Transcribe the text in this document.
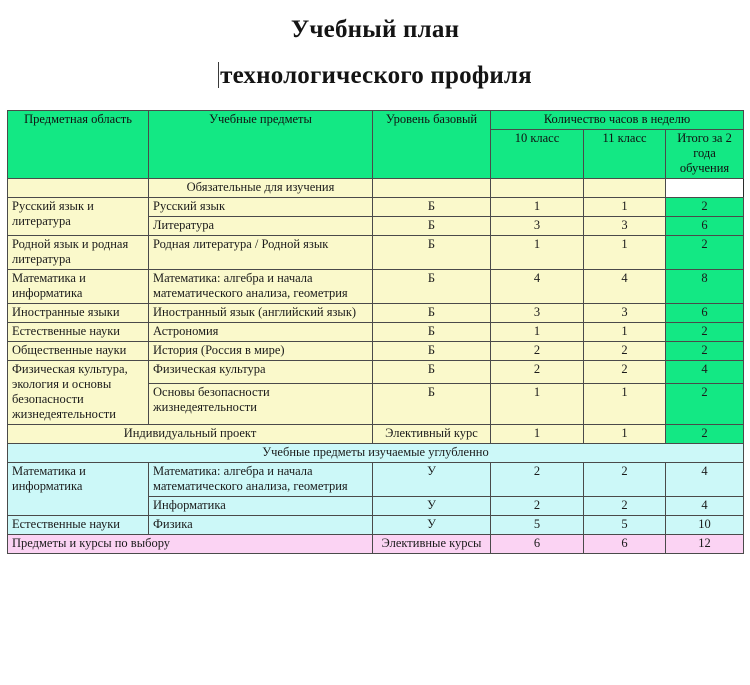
Учебный план
технологического профиля
Предметная область	Учебные предметы	Уровень базовый	Количество часов в неделю		
			10 класс	11 класс	Итого за 2 года обучения
	Обязательные для изучения				
Русский язык и литература	Русский язык	Б	1	1	2
	Литература	Б	3	3	6
Родной язык и родная литература	Родная литература / Родной язык	Б	1	1	2
Математика и информатика	Математика: алгебра и начала математического анализа, геометрия	Б	4	4	8
Иностранные языки	Иностранный язык (английский язык)	Б	3	3	6
Естественные науки	Астрономия	Б	1	1	2
Общественные науки	История (Россия в мире)	Б	2	2	2
Физическая культура, экология и основы безопасности жизнедеятельности	Физическая культура	Б	2	2	4
	Основы безопасности жизнедеятельности	Б	1	1	2
Индивидуальный проект		Элективный курс	1	1	2
Учебные предметы изучаемые углубленно					
Математика и информатика	Математика: алгебра и начала математического анализа, геометрия	У	2	2	4
	Информатика	У	2	2	4
Естественные науки	Физика	У	5	5	10
Предметы и курсы по выбору		Элективные курсы	6	6	12
